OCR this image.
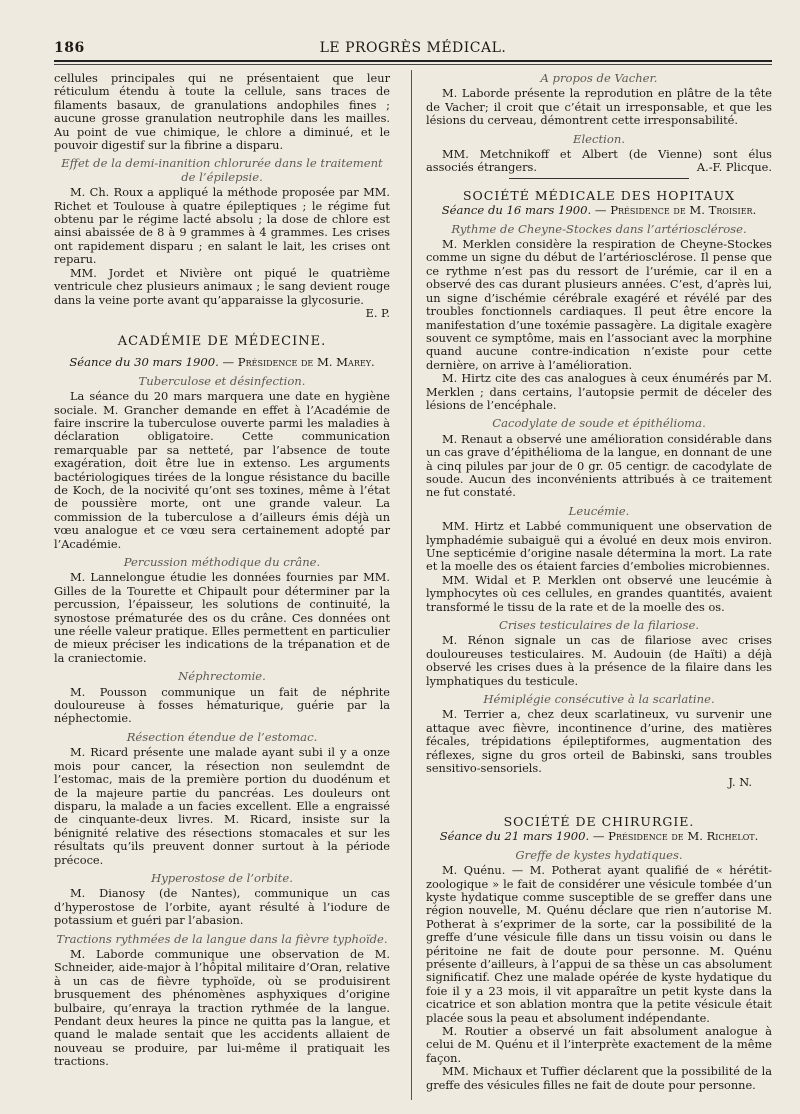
186	LE PROGRÈS MÉDICAL.

cellules principales qui ne présentaient que leur réticulum étendu à toute la cellule, sans traces de filaments basaux, de granulations andophiles fines ; aucune grosse granulation neutrophile dans les mailles. Au point de vue chimique, le chlore a diminué, et le pouvoir digestif sur la fibrine a disparu.

Effet de la demi-inanition chlorurée dans le traitement de l’épilepsie.

M. Ch. Roux a appliqué la méthode proposée par MM. Richet et Toulouse à quatre épileptiques ; le régime fut obtenu par le régime lacté absolu ; la dose de chlore est ainsi abaissée de 8 à 9 grammes à 4 grammes. Les crises ont rapidement disparu ; en salant le lait, les crises ont reparu.

MM. Jordet et Nivière ont piqué le quatrième ventricule chez plusieurs animaux ; le sang devient rouge dans la veine porte avant qu’apparaisse la glycosurie.
E. P.

ACADÉMIE DE MÉDECINE.
Séance du 30 mars 1900. — Présidence de M. Marey.
Tuberculose et désinfection.

La séance du 20 mars marquera une date en hygiène sociale. M. Grancher demande en effet à l’Académie de faire inscrire la tuberculose ouverte parmi les maladies à déclaration obligatoire. Cette communication remarquable par sa netteté, par l’absence de toute exagération, doit être lue in extenso. Les arguments bactériologiques tirées de la longue résistance du bacille de Koch, de la nocivité qu’ont ses toxines, même à l’état de poussière morte, ont une grande valeur. La commission de la tuberculose a d’ailleurs émis déjà un vœu analogue et ce vœu sera certainement adopté par l’Académie.

Percussion méthodique du crâne.

M. Lannelongue étudie les données fournies par MM. Gilles de la Tourette et Chipault pour déterminer par la percussion, l’épaisseur, les solutions de continuité, la synostose prématurée des os du crâne. Ces données ont une réelle valeur pratique. Elles permettent en particulier de mieux préciser les indications de la trépanation et de la craniectomie.

Néphrectomie.

M. Pousson communique un fait de néphrite douloureuse à fosses hématurique, guérie par la néphectomie.

Résection étendue de l’estomac.

M. Ricard présente une malade ayant subi il y a onze mois pour cancer, la résection non seulemdnt de l’estomac, mais de la première portion du duodénum et de la majeure partie du pancréas. Les douleurs ont disparu, la malade a un facies excellent. Elle a engraissé de cinquante-deux livres. M. Ricard, insiste sur la bénignité relative des résections stomacales et sur les résultats qu’ils preuvent donner surtout à la période précoce.

Hyperostose de l’orbite.

M. Dianosy (de Nantes), communique un cas d’hyperostose de l’orbite, ayant résulté à l’iodure de potassium et guéri par l’abasion.

Tractions rythmées de la langue dans la fièvre typhoïde.

M. Laborde communique une observation de M. Schneider, aide-major à l’hôpital militaire d’Oran, relative à un cas de fièvre typhoïde, où se produisirent brusquement des phénomènes asphyxiques d’origine bulbaire, qu’enraya la traction rythmée de la langue. Pendant deux heures la pince ne quitta pas la langue, et quand le malade sentait que les accidents allaient de nouveau se produire, par lui-même il pratiquait les tractions.

A propos de Vacher.

M. Laborde présente la reprodution en plâtre de la tête de Vacher; il croit que c’était un irresponsable, et que les lésions du cerveau, démontrent cette irresponsabilité.

Election.

MM. Metchnikoff et Albert (de Vienne) sont élus associés étrangers.	A.-F. Plicque.

SOCIÉTÉ MÉDICALE DES HOPITAUX
Séance du 16 mars 1900. — Présidence de M. Troisier.
Rythme de Cheyne-Stockes dans l’artériosclérose.

M. Merklen considère la respiration de Cheyne-Stockes comme un signe du début de l’artériosclérose. Il pense que ce rythme n’est pas du ressort de l’urémie, car il en a observé des cas durant plusieurs années. C’est, d’après lui, un signe d’ischémie cérébrale exagéré et révélé par des troubles fonctionnels cardiaques. Il peut être encore la manifestation d’une toxémie passagère. La digitale exagère souvent ce symptôme, mais en l’associant avec la morphine quand aucune contre-indication n’existe pour cette dernière, on arrive à l’amélioration.

M. Hirtz cite des cas analogues à ceux énumérés par M. Merklen ; dans certains, l’autopsie permit de déceler des lésions de l’encéphale.

Cacodylate de soude et épithélioma.

M. Renaut a observé une amélioration considérable dans un cas grave d’épithélioma de la langue, en donnant de une à cinq pilules par jour de 0 gr. 05 centigr. de cacodylate de soude. Aucun des inconvénients attribués à ce traitement ne fut constaté.

Leucémie.

MM. Hirtz et Labbé communiquent une observation de lymphadémie subaiguë qui a évolué en deux mois environ. Une septicémie d’origine nasale détermina la mort. La rate et la moelle des os étaient farcies d’embolies microbiennes.

MM. Widal et P. Merklen ont observé une leucémie à lymphocytes où ces cellules, en grandes quantités, avaient transformé le tissu de la rate et de la moelle des os.

Crises testiculaires de la filariose.

M. Rénon signale un cas de filariose avec crises douloureuses testiculaires. M. Audouin (de Haïti) a déjà observé les crises dues à la présence de la filaire dans les lymphatiques du testicule.

Hémiplégie consécutive à la scarlatine.

M. Terrier a, chez deux scarlatineux, vu survenir une attaque avec fièvre, incontinence d’urine, des matières fécales, trépidations épileptiformes, augmentation des réflexes, signe du gros orteil de Babinski, sans troubles sensitivo-sensoriels.

J. N.
SOCIÉTÉ DE CHIRURGIE.
Séance du 21 mars 1900. — Présidence de M. Richelot.
Greffe de kystes hydatiques.

M. Quénu. — M. Potherat ayant qualifié de « hérétit-zoologique » le fait de considérer une vésicule tombée d’un kyste hydatique comme susceptible de se greffer dans une région nouvelle, M. Quénu déclare que rien n’autorise M. Potherat à s’exprimer de la sorte, car la possibilité de la greffe d’une vésicule fille dans un tissu voisin ou dans le péritoine ne fait de doute pour personne. M. Quénu présente d’ailleurs, à l’appui de sa thèse un cas absolument significatif. Chez une malade opérée de kyste hydatique du foie il y a 23 mois, il vit apparaître un petit kyste dans la cicatrice et son ablation montra que la petite vésicule était placée sous la peau et absolument indépendante.

M. Routier a observé un fait absolument analogue à celui de M. Quénu et il l’interprète exactement de la même façon.

MM. Michaux et Tuffier déclarent que la possibilité de la greffe des vésicules filles ne fait de doute pour personne.
